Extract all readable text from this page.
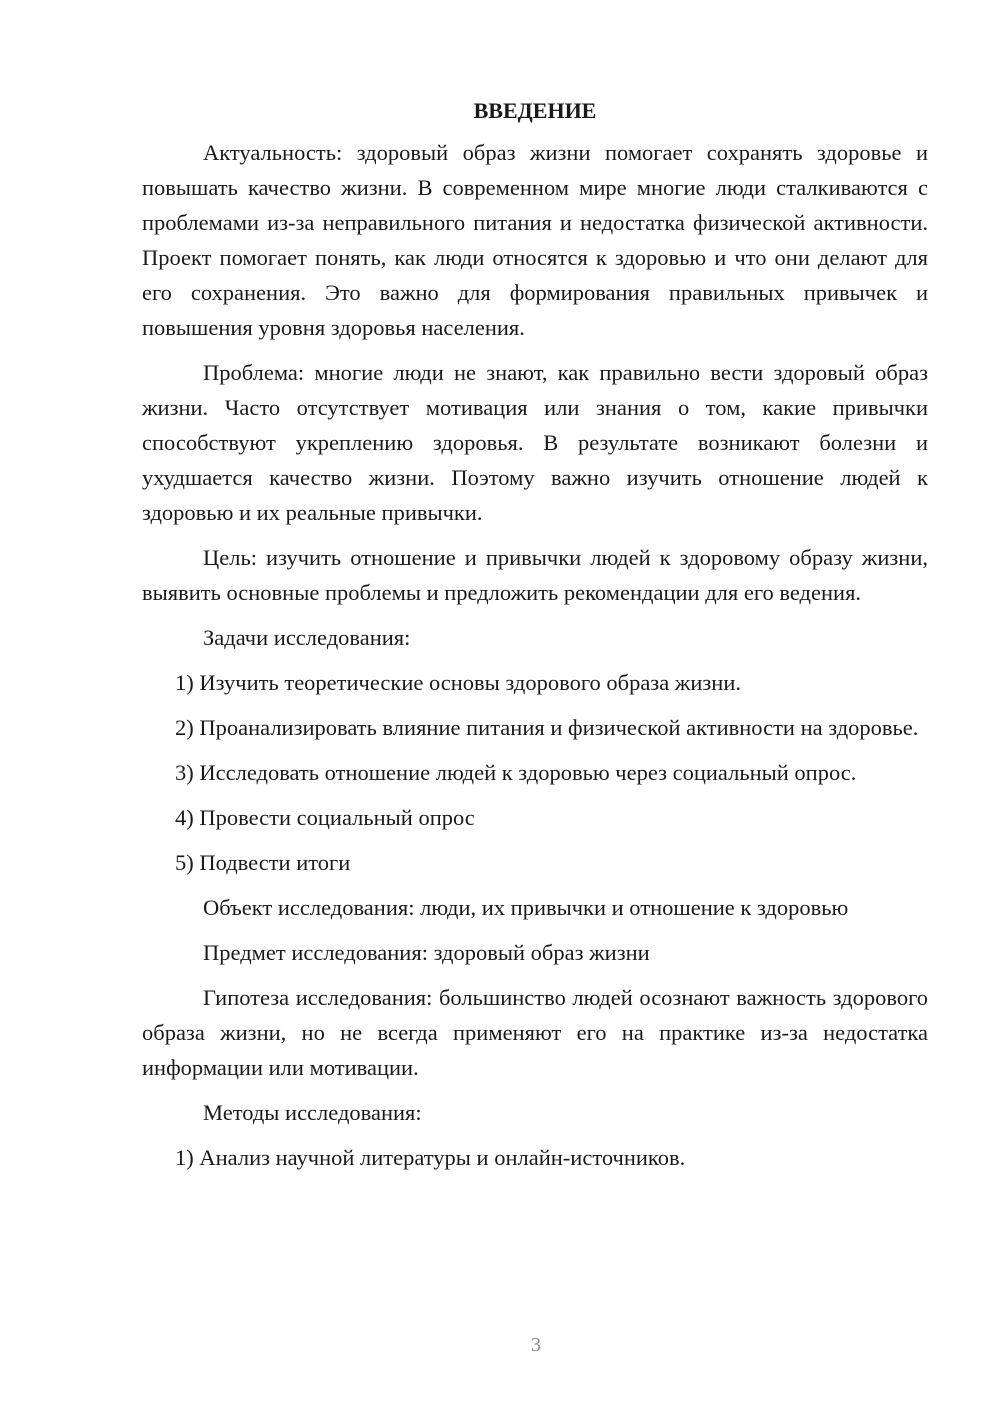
ВВЕДЕНИЕ

Актуальность: здоровый образ жизни помогает сохранять здоровье и повышать качество жизни. В современном мире многие люди сталкиваются с проблемами из-за неправильного питания и недостатка физической активности. Проект помогает понять, как люди относятся к здоровью и что они делают для его сохранения. Это важно для формирования правильных привычек и повышения уровня здоровья населения.

Проблема: многие люди не знают, как правильно вести здоровый образ жизни. Часто отсутствует мотивация или знания о том, какие привычки способствуют укреплению здоровья. В результате возникают болезни и ухудшается качество жизни. Поэтому важно изучить отношение людей к здоровью и их реальные привычки.

Цель: изучить отношение и привычки людей к здоровому образу жизни, выявить основные проблемы и предложить рекомендации для его ведения.

Задачи исследования:

1) Изучить теоретические основы здорового образа жизни.

2) Проанализировать влияние питания и физической активности на здоровье.

3) Исследовать отношение людей к здоровью через социальный опрос.

4) Провести социальный опрос

5) Подвести итоги

Объект исследования: люди, их привычки и отношение к здоровью

Предмет исследования: здоровый образ жизни

Гипотеза исследования: большинство людей осознают важность здорового образа жизни, но не всегда применяют его на практике из-за недостатка информации или мотивации.

Методы исследования:

1) Анализ научной литературы и онлайн-источников.

3
